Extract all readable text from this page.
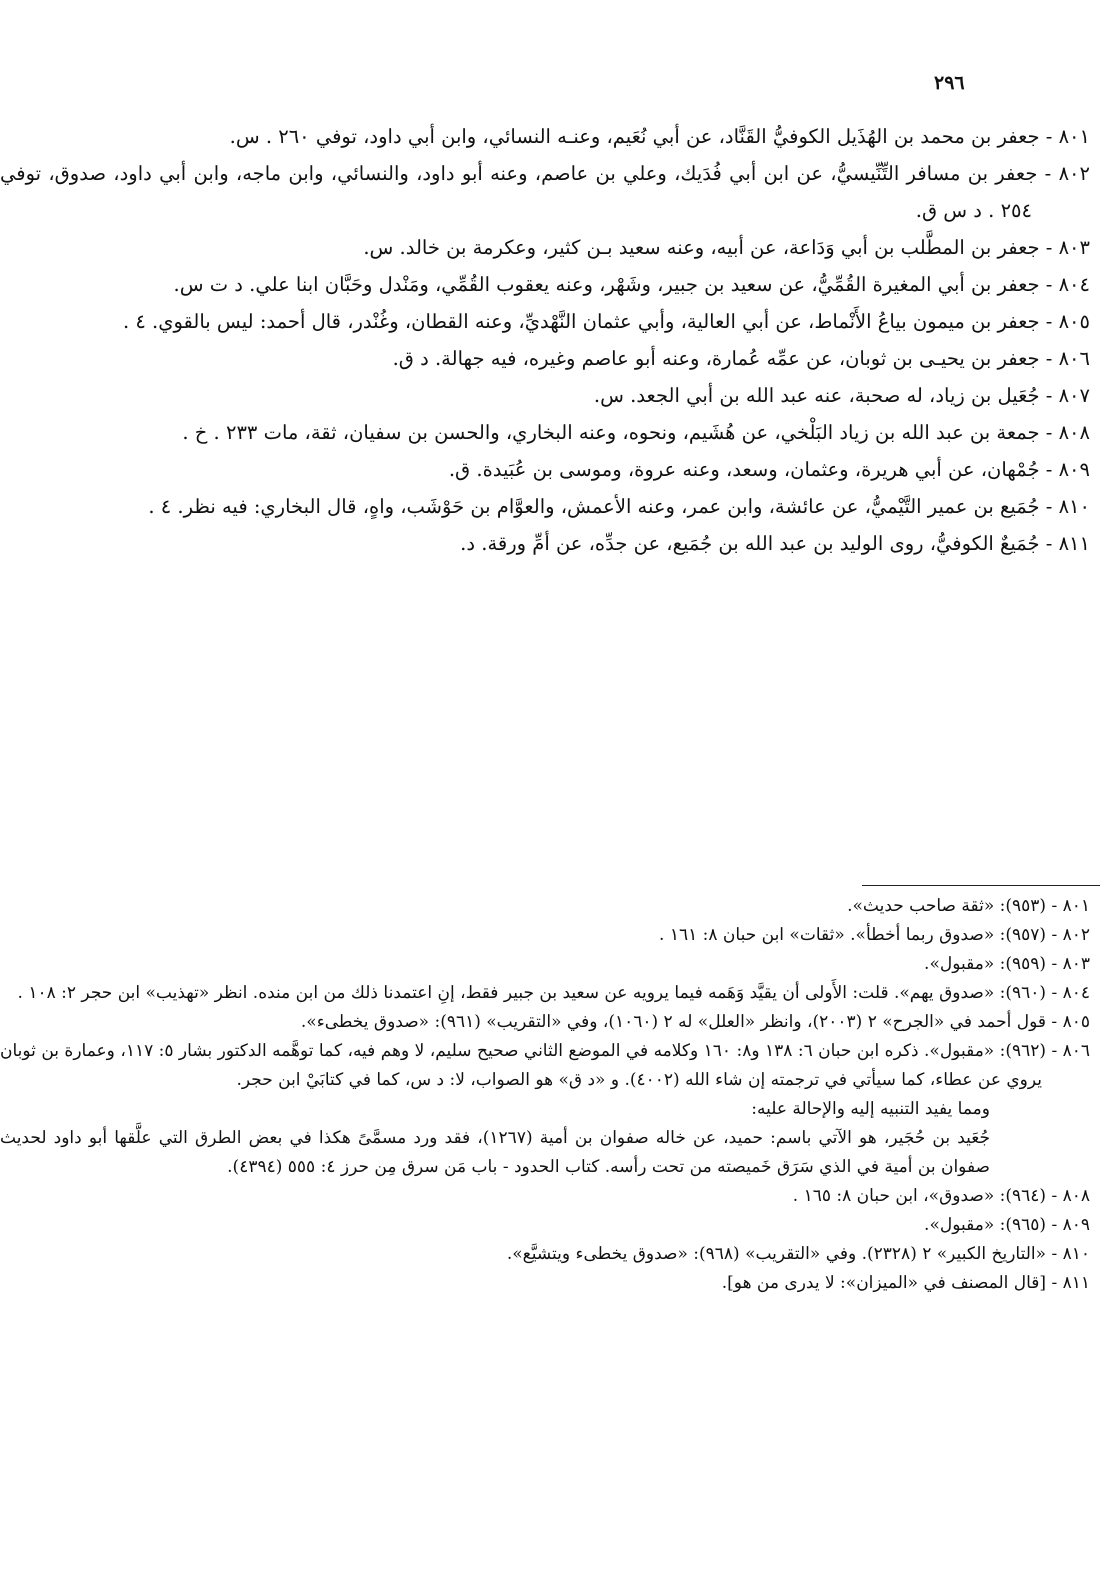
٢٩٦
٨٠١ - جعفر بن محمد بن الهُذَيل الكوفيُّ القَنَّاد، عن أبي نُعَيم، وعنـه النسائي، وابن أبي داود، توفي ٢٦٠ . س.
٨٠٢ - جعفر بن مسافر التِّنِّيسيُّ، عن ابن أبي فُدَيك، وعلي بن عاصم، وعنه أبو داود، والنسائي، وابن ماجه، وابن أبي داود، صدوق، توفي ٢٥٤ . د س ق.
٨٠٣ - جعفر بن المطَّلب بن أبي وَدَاعة، عن أبيه، وعنه سعيد بـن كثير، وعكرمة بن خالد. س.
٨٠٤ - جعفر بن أبي المغيرة القُمِّيُّ، عن سعيد بن جبير، وشَهْر، وعنه يعقوب القُمِّي، ومَنْدل وحَبَّان ابنا علي. د ت س.
٨٠٥ - جعفر بن ميمون بياعُ الأَنْماط، عن أبي العالية، وأبي عثمان النَّهْديِّ، وعنه القطان، وغُنْدر، قال أحمد: ليس بالقوي. ٤ .
٨٠٦ - جعفر بن يحيـى بن ثوبان، عن عمِّه عُمارة، وعنه أبو عاصم وغيره، فيه جهالة. د ق.
٨٠٧ - جُعَيل بن زياد، له صحبة، عنه عبد الله بن أبي الجعد. س.
٨٠٨ - جمعة بن عبد الله بن زياد البَلْخي، عن هُشَيم، ونحوه، وعنه البخاري، والحسن بن سفيان، ثقة، مات ٢٣٣ . خ .
٨٠٩ - جُمْهان، عن أبي هريرة، وعثمان، وسعد، وعنه عروة، وموسى بن عُبَيدة. ق.
٨١٠ - جُمَيع بن عمير التَّيْميُّ، عن عائشة، وابن عمر، وعنه الأعمش، والعوَّام بن حَوْشَب، واهٍ، قال البخاري: فيه نظر. ٤ .
٨١١ - جُمَيعٌ الكوفيُّ، روى الوليد بن عبد الله بن جُمَيع، عن جدِّه، عن أمِّ ورقة. د.
٨٠١ - (٩٥٣): «ثقة صاحب حديث».
٨٠٢ - (٩٥٧): «صدوق ربما أخطأ». «ثقات» ابن حبان ٨: ١٦١ .
٨٠٣ - (٩٥٩): «مقبول».
٨٠٤ - (٩٦٠): «صدوق يهم». قلت: الأَولى أن يقيَّد وَهَمه فيما يرويه عن سعيد بن جبير فقط، إنِ اعتمدنا ذلك من ابن منده. انظر «تهذيب» ابن حجر ٢: ١٠٨ .
٨٠٥ - قول أحمد في «الجرح» ٢ (٢٠٠٣)، وانظر «العلل» له ٢ (١٠٦٠)، وفي «التقريب» (٩٦١): «صدوق يخطىء».
٨٠٦ - (٩٦٢): «مقبول». ذكره ابن حبان ٦: ١٣٨ و٨: ١٦٠ وكلامه في الموضع الثاني صحيح سليم، لا وهم فيه، كما توهَّمه الدكتور بشار ٥: ١١٧، وعمارة بن ثوبان يروي عن عطاء، كما سيأتي في ترجمته إن شاء الله (٤٠٠٢). و «د ق» هو الصواب، لا: د س، كما في كتابَيْ ابن حجر.
ومما يفيد التنبيه إليه والإحالة عليه:
جُعَيد بن حُجَير، هو الآتي باسم: حميد، عن خاله صفوان بن أمية (١٢٦٧)، فقد ورد مسمَّىً هكذا في بعض الطرق التي علَّقها أبو داود لحديث صفوان بن أمية في الذي سَرَق خَميصته من تحت رأسه. كتاب الحدود - باب مَن سرق مِن حرز ٤: ٥٥٥ (٤٣٩٤).
٨٠٨ - (٩٦٤): «صدوق»، ابن حبان ٨: ١٦٥ .
٨٠٩ - (٩٦٥): «مقبول».
٨١٠ - «التاريخ الكبير» ٢ (٢٣٢٨). وفي «التقريب» (٩٦٨): «صدوق يخطىء ويتشيَّع».
٨١١ - [قال المصنف في «الميزان»: لا يدرى من هو].
